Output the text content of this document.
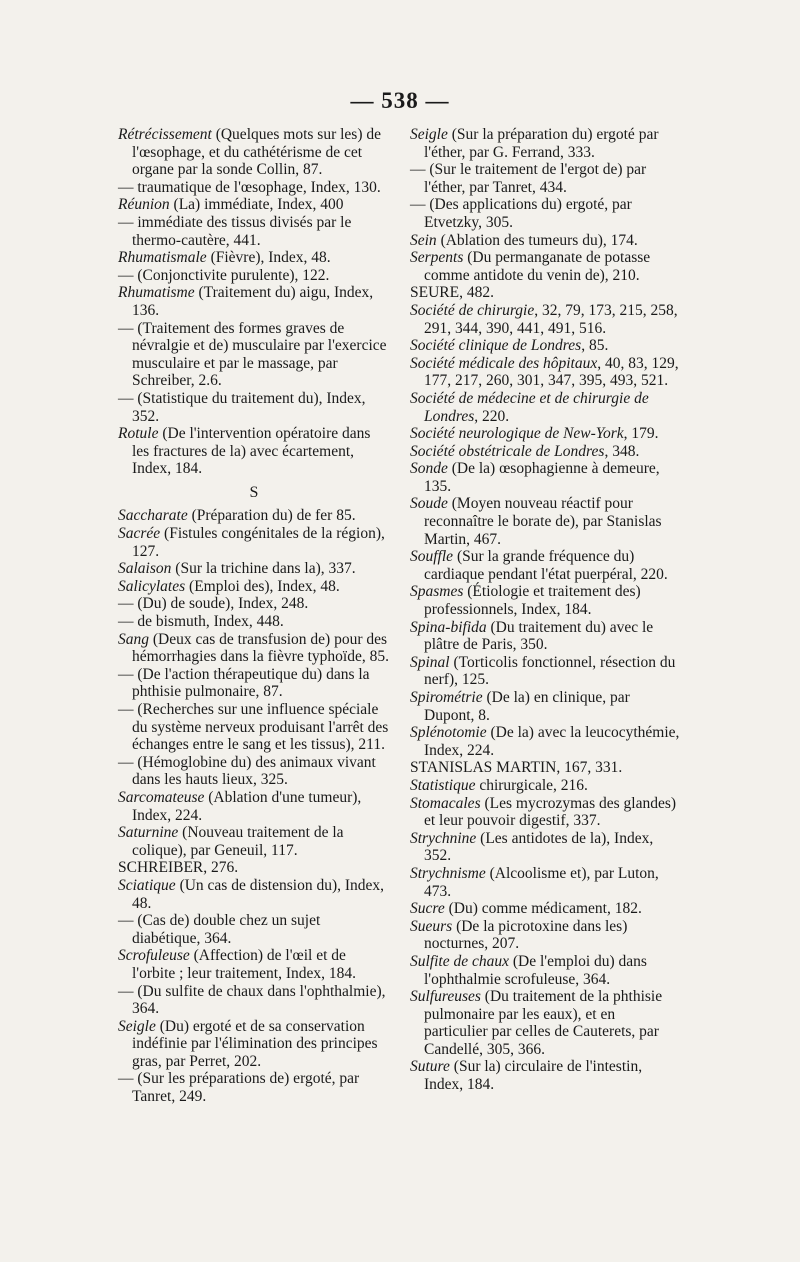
— 538 —

Rétrécissement (Quelques mots sur les) de l'œsophage, et du cathétérisme de cet organe par la sonde Collin, 87.

— traumatique de l'œsophage, Index, 130.

Réunion (La) immédiate, Index, 400

— immédiate des tissus divisés par le thermo-cautère, 441.

Rhumatismale (Fièvre), Index, 48.

— (Conjonctivite purulente), 122.

Rhumatisme (Traitement du) aigu, Index, 136.

— (Traitement des formes graves de névralgie et de) musculaire par l'exercice musculaire et par le massage, par Schreiber, 2.6.

— (Statistique du traitement du), Index, 352.

Rotule (De l'intervention opératoire dans les fractures de la) avec écartement, Index, 184.

S

Saccharate (Préparation du) de fer 85.

Sacrée (Fistules congénitales de la région), 127.

Salaison (Sur la trichine dans la), 337.

Salicylates (Emploi des), Index, 48.

— (Du) de soude), Index, 248.

— de bismuth, Index, 448.

Sang (Deux cas de transfusion de) pour des hémorrhagies dans la fièvre typhoïde, 85.

— (De l'action thérapeutique du) dans la phthisie pulmonaire, 87.

— (Recherches sur une influence spéciale du système nerveux produisant l'arrêt des échanges entre le sang et les tissus), 211.

— (Hémoglobine du) des animaux vivant dans les hauts lieux, 325.

Sarcomateuse (Ablation d'une tumeur), Index, 224.

Saturnine (Nouveau traitement de la colique), par Geneuil, 117.

SCHREIBER, 276.

Sciatique (Un cas de distension du), Index, 48.

— (Cas de) double chez un sujet diabétique, 364.

Scrofuleuse (Affection) de l'œil et de l'orbite ; leur traitement, Index, 184.

— (Du sulfite de chaux dans l'ophthalmie), 364.

Seigle (Du) ergoté et de sa conservation indéfinie par l'élimination des principes gras, par Perret, 202.

— (Sur les préparations de) ergoté, par Tanret, 249.

Seigle (Sur la préparation du) ergoté par l'éther, par G. Ferrand, 333.

— (Sur le traitement de l'ergot de) par l'éther, par Tanret, 434.

— (Des applications du) ergoté, par Etvetzky, 305.

Sein (Ablation des tumeurs du), 174.

Serpents (Du permanganate de potasse comme antidote du venin de), 210.

SEURE, 482.

Société de chirurgie, 32, 79, 173, 215, 258, 291, 344, 390, 441, 491, 516.

Société clinique de Londres, 85.

Société médicale des hôpitaux, 40, 83, 129, 177, 217, 260, 301, 347, 395, 493, 521.

Société de médecine et de chirurgie de Londres, 220.

Société neurologique de New-York, 179.

Société obstétricale de Londres, 348.

Sonde (De la) œsophagienne à demeure, 135.

Soude (Moyen nouveau réactif pour reconnaître le borate de), par Stanislas Martin, 467.

Souffle (Sur la grande fréquence du) cardiaque pendant l'état puerpéral, 220.

Spasmes (Étiologie et traitement des) professionnels, Index, 184.

Spina-bifida (Du traitement du) avec le plâtre de Paris, 350.

Spinal (Torticolis fonctionnel, résection du nerf), 125.

Spirométrie (De la) en clinique, par Dupont, 8.

Splénotomie (De la) avec la leucocythémie, Index, 224.

STANISLAS MARTIN, 167, 331.

Statistique chirurgicale, 216.

Stomacales (Les mycrozymas des glandes) et leur pouvoir digestif, 337.

Strychnine (Les antidotes de la), Index, 352.

Strychnisme (Alcoolisme et), par Luton, 473.

Sucre (Du) comme médicament, 182.

Sueurs (De la picrotoxine dans les) nocturnes, 207.

Sulfite de chaux (De l'emploi du) dans l'ophthalmie scrofuleuse, 364.

Sulfureuses (Du traitement de la phthisie pulmonaire par les eaux), et en particulier par celles de Cauterets, par Candellé, 305, 366.

Suture (Sur la) circulaire de l'intestin, Index, 184.
